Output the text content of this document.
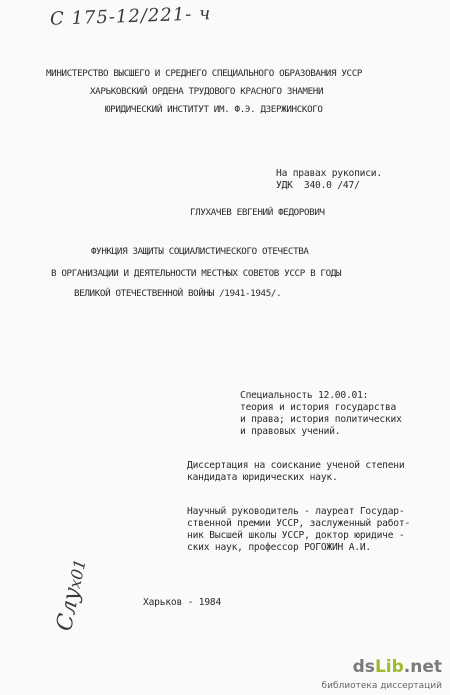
С 175-12/221- ч
МИНИСТЕРСТВО ВЫСШЕГО И СРЕДНЕГО СПЕЦИАЛЬНОГО ОБРАЗОВАНИЯ УССР
ХАРЬКОВСКИЙ ОРДЕНА ТРУДОВОГО КРАСНОГО ЗНАМЕНИ
ЮРИДИЧЕСКИЙ ИНСТИТУТ ИМ. Ф.Э. ДЗЕРЖИНСКОГО
На правах рукописи.
УДК  340.0 /47/
ГЛУХАЧЕВ ЕВГЕНИЙ ФЕДОРОВИЧ
ФУНКЦИЯ ЗАЩИТЫ СОЦИАЛИСТИЧЕСКОГО ОТЕЧЕСТВА
В ОРГАНИЗАЦИИ И ДЕЯТЕЛЬНОСТИ МЕСТНЫХ СОВЕТОВ УССР В ГОДЫ
ВЕЛИКОЙ ОТЕЧЕСТВЕННОЙ ВОЙНЫ /1941-1945/.
Специальность 12.00.01:
теория и история государства
и права; история политических
и правовых учений.
Диссертация на соискание ученой степени
кандидата юридических наук.
Научный руководитель - лауреат Государ-
ственной премии УССР, заслуженный работ-
ник Высшей школы УССР, доктор юридиче -
ских наук, профессор РОГОЖИН А.И.
Харьков - 1984
Слуx01
dsLib.net
библиотека диссертаций
